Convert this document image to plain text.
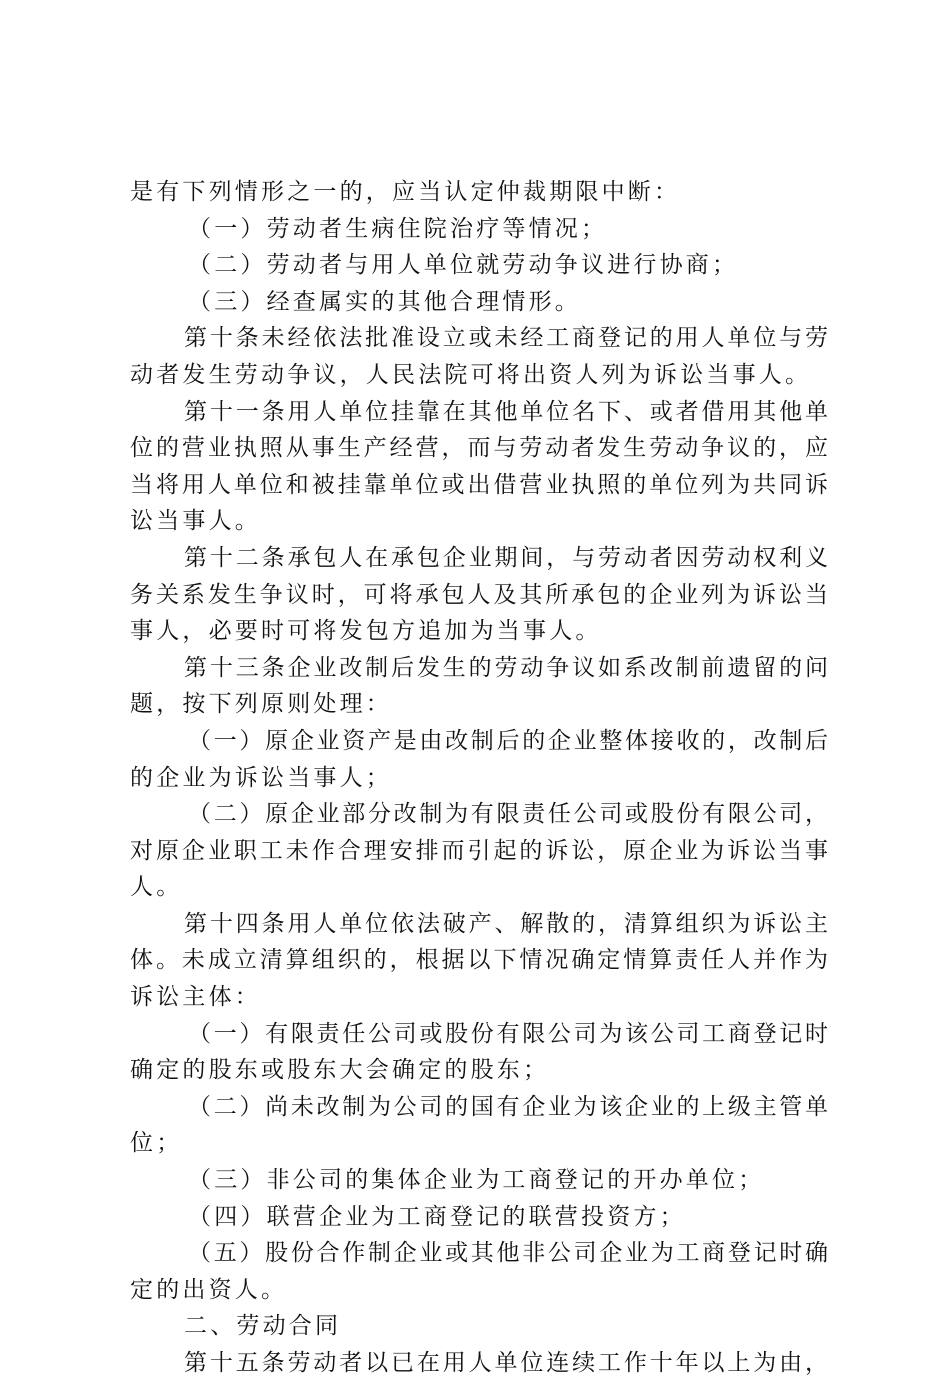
是有下列情形之一的，应当认定仲裁期限中断：
（一）劳动者生病住院治疗等情况；
（二）劳动者与用人单位就劳动争议进行协商；
（三）经查属实的其他合理情形。
第十条未经依法批准设立或未经工商登记的用人单位与劳
动者发生劳动争议，人民法院可将出资人列为诉讼当事人。
第十一条用人单位挂靠在其他单位名下、或者借用其他单
位的营业执照从事生产经营，而与劳动者发生劳动争议的，应
当将用人单位和被挂靠单位或出借营业执照的单位列为共同诉
讼当事人。
第十二条承包人在承包企业期间，与劳动者因劳动权利义
务关系发生争议时，可将承包人及其所承包的企业列为诉讼当
事人，必要时可将发包方追加为当事人。
第十三条企业改制后发生的劳动争议如系改制前遗留的问
题，按下列原则处理：
（一）原企业资产是由改制后的企业整体接收的，改制后
的企业为诉讼当事人；
（二）原企业部分改制为有限责任公司或股份有限公司，
对原企业职工未作合理安排而引起的诉讼，原企业为诉讼当事
人。
第十四条用人单位依法破产、解散的，清算组织为诉讼主
体。未成立清算组织的，根据以下情况确定情算责任人并作为
诉讼主体：
（一）有限责任公司或股份有限公司为该公司工商登记时
确定的股东或股东大会确定的股东；
（二）尚未改制为公司的国有企业为该企业的上级主管单
位；
（三）非公司的集体企业为工商登记的开办单位；
（四）联营企业为工商登记的联营投资方；
（五）股份合作制企业或其他非公司企业为工商登记时确
定的出资人。
二、劳动合同
第十五条劳动者以已在用人单位连续工作十年以上为由，
